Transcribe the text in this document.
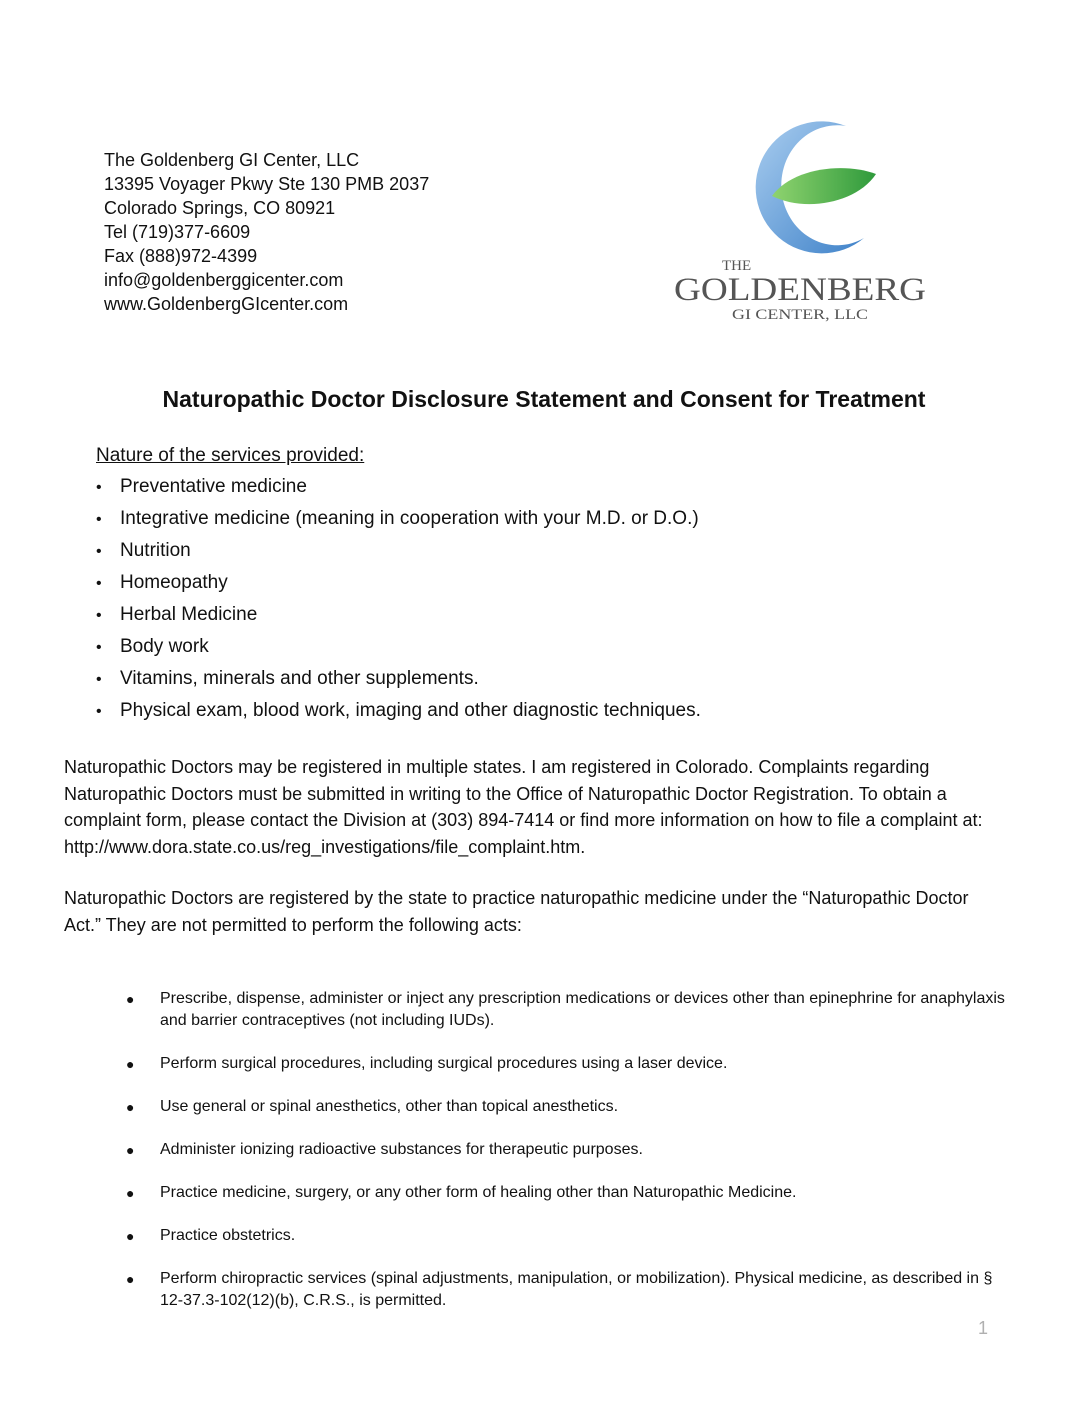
The Goldenberg GI Center, LLC
13395 Voyager Pkwy Ste 130 PMB 2037
Colorado Springs, CO 80921
Tel (719)377-6609
Fax (888)972-4399
info@goldenberggicenter.com
www.GoldenbergGIcenter.com
THE
GOLDENBERG
GI CENTER, LLC
Naturopathic Doctor Disclosure Statement and Consent for Treatment
Nature of the services provided:
• Preventative medicine
• Integrative medicine (meaning in cooperation with your M.D. or D.O.)
• Nutrition
• Homeopathy
• Herbal Medicine
• Body work
• Vitamins, minerals and other supplements.
• Physical exam, blood work, imaging and other diagnostic techniques.

Naturopathic Doctors may be registered in multiple states. I am registered in Colorado. Complaints regarding Naturopathic Doctors must be submitted in writing to the Office of Naturopathic Doctor Registration. To obtain a complaint form, please contact the Division at (303) 894-7414 or find more information on how to file a complaint at: http://www.dora.state.co.us/reg_investigations/file_complaint.htm.

Naturopathic Doctors are registered by the state to practice naturopathic medicine under the “Naturopathic Doctor Act.” They are not permitted to perform the following acts:

● Prescribe, dispense, administer or inject any prescription medications or devices other than epinephrine for anaphylaxis and barrier contraceptives (not including IUDs).
● Perform surgical procedures, including surgical procedures using a laser device.
● Use general or spinal anesthetics, other than topical anesthetics.
● Administer ionizing radioactive substances for therapeutic purposes.
● Practice medicine, surgery, or any other form of healing other than Naturopathic Medicine.
● Practice obstetrics.
● Perform chiropractic services (spinal adjustments, manipulation, or mobilization). Physical medicine, as described in § 12-37.3-102(12)(b), C.R.S., is permitted.
1
